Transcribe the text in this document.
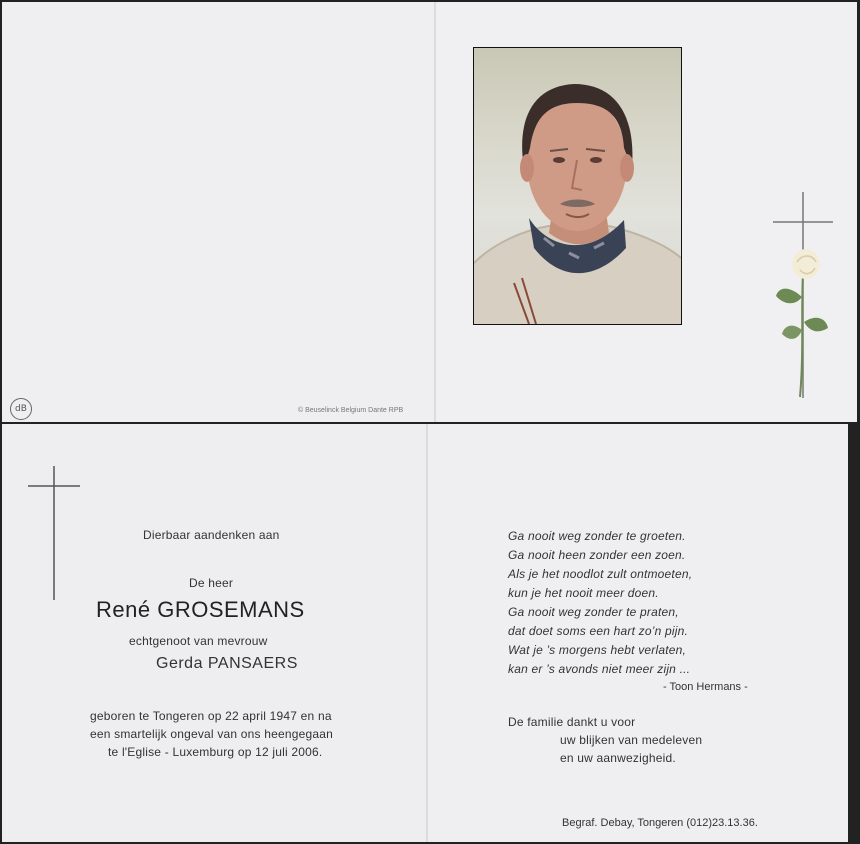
dB	© Beuselinck Belgium Dante RPB
Dierbaar aandenken aan
De heer
René GROSEMANS
echtgenoot van mevrouw
Gerda PANSAERS
geboren te Tongeren op 22 april 1947 en na
een smartelijk ongeval van ons heengegaan
te l'Eglise - Luxemburg op 12 juli 2006.
Ga nooit weg zonder te groeten.
Ga nooit heen zonder een zoen.
Als je het noodlot zult ontmoeten,
kun je het nooit meer doen.
Ga nooit weg zonder te praten,
dat doet soms een hart zo’n pijn.
Wat je ’s morgens hebt verlaten,
kan er ’s avonds niet meer zijn ...
- Toon Hermans -
De familie dankt u voor
uw blijken van medeleven
en uw aanwezigheid.
Begraf. Debay, Tongeren (012)23.13.36.
